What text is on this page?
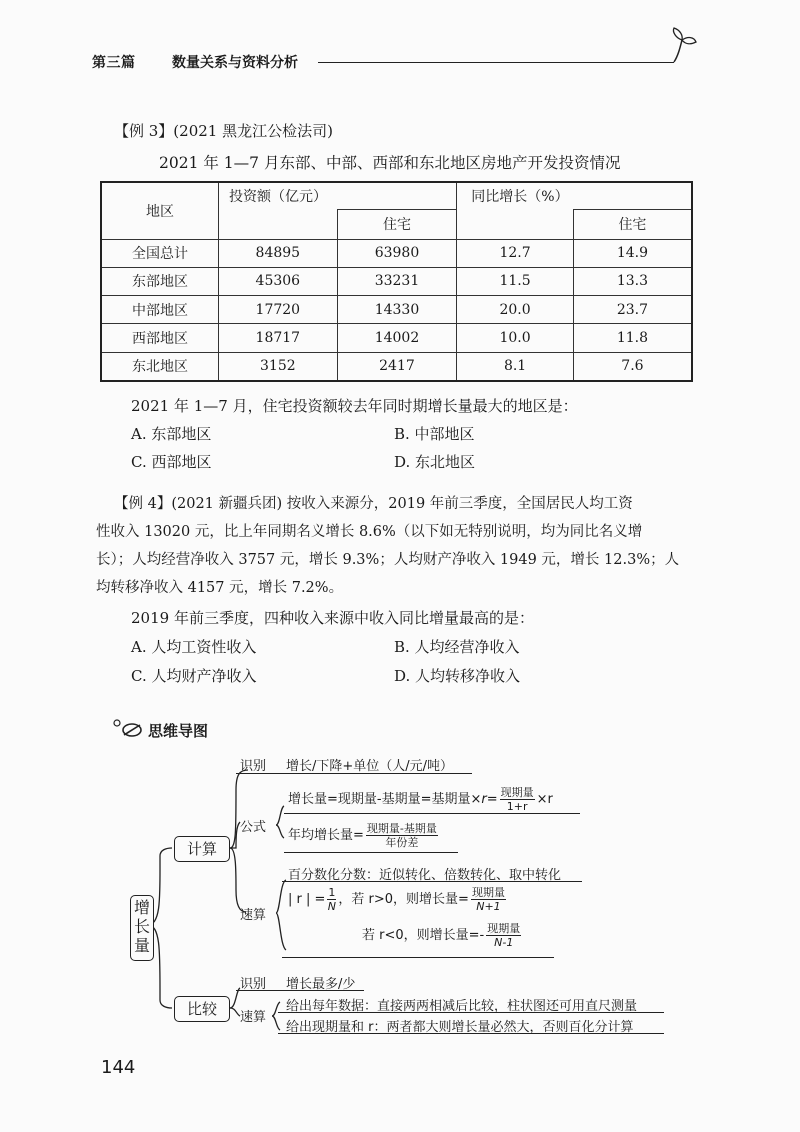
第三篇	数量关系与资料分析
【例 3】(2021 黑龙江公检法司)
2021 年 1—7 月东部、中部、西部和东北地区房地产开发投资情况
地区	投资额（亿元）		同比增长（%）	
		住宅		住宅
全国总计	84895	63980	12.7	14.9
东部地区	45306	33231	11.5	13.3
中部地区	17720	14330	20.0	23.7
西部地区	18717	14002	10.0	11.8
东北地区	3152	2417	8.1	7.6
2021 年 1—7 月，住宅投资额较去年同时期增长量最大的地区是：
A. 东部地区	B. 中部地区
C. 西部地区	D. 东北地区
【例 4】(2021 新疆兵团) 按收入来源分，2019 年前三季度，全国居民人均工资
性收入 13020 元，比上年同期名义增长 8.6%（以下如无特别说明，均为同比名义增
长）；人均经营净收入 3757 元，增长 9.3%；人均财产净收入 1949 元，增长 12.3%；人
均转移净收入 4157 元，增长 7.2%。
2019 年前三季度，四种收入来源中收入同比增量最高的是：
A. 人均工资性收入	B. 人均经营净收入
C. 人均财产净收入	D. 人均转移净收入
思维导图
增长量
计算
比较
识别 增长/下降+单位（人/元/吨）
公式
增长量=现期量-基期量=基期量$\times r= \frac{\text{现期量}}{1+r} \times r$
年均增长量= $\frac{\text{现期量-基期量}}{\text{年份差}}$
速算
百分数化分数：近似转化、倍数转化、取中转化
| r | = $\frac{1}{N}$ ，若 r>0，则增长量= $\frac{\text{现期量}}{N+1}$
若 r<0，则增长量=- $\frac{\text{现期量}}{N-1}$
识别 增长最多/少
速算
给出每年数据：直接两两相减后比较，柱状图还可用直尺测量
给出现期量和 r：两者都大则增长量必然大，否则百化分计算
144
